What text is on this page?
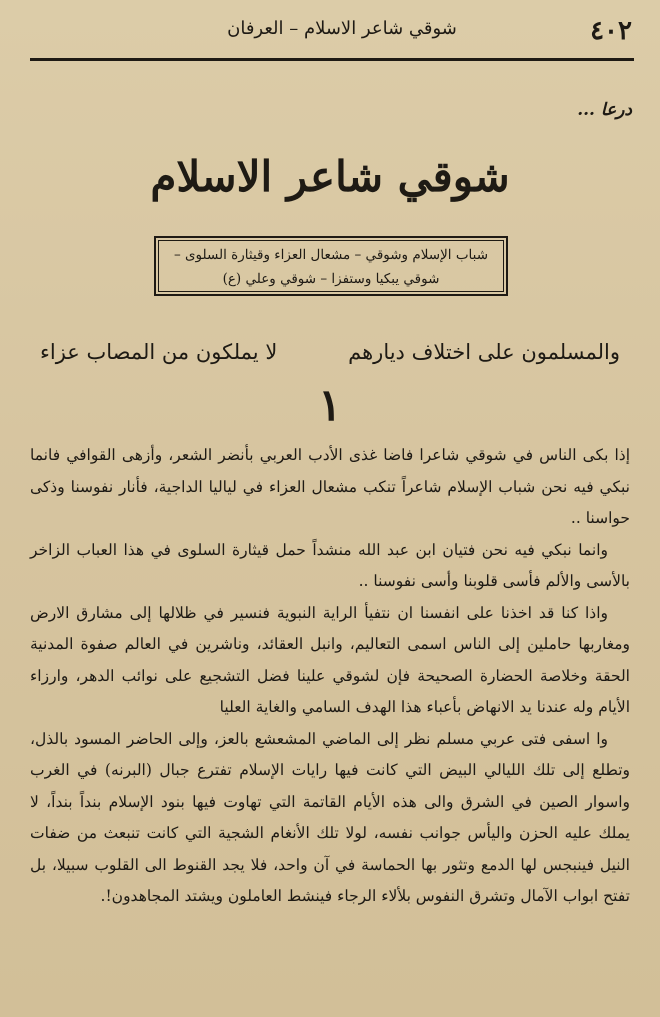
٤٠٢
شوقي شاعر الاسلام – العرفان
درعا ...
شوقي شاعر الاسلام
شباب الإسلام وشوقي – مشعال العزاء وقيثارة السلوى –
شوقي يبكيا وستفزا – شوقي وعلي (ع)
والمسلمون على اختلاف ديارهم
لا يملكون من المصاب عزاء
١

إذا بكى الناس في شوقي شاعرا فاضا غذى الأدب العربي بأنضر الشعر، وأزهى القوافي فانما نبكي فيه نحن شباب الإسلام شاعراً تنكب مشعال العزاء في لياليا الداجية، فأنار نفوسنا وذكى حواسنا ..

وانما نبكي فيه نحن فتيان ابن عبد الله منشداً حمل قيثارة السلوى في هذا العباب الزاخر بالأسى والألم فأسى قلوبنا وأسى نفوسنا ..

واذا كنا قد اخذنا على انفسنا ان نتفيأ الراية النبوية فنسير في ظلالها إلى مشارق الارض ومغاربها حاملين إلى الناس اسمى التعاليم، وانبل العقائد، وناشرين في العالم صفوة المدنية الحقة وخلاصة الحضارة الصحيحة فإن لشوقي علينا فضل التشجيع على نوائب الدهر، وارزاء الأيام وله عندنا يد الانهاض بأعباء هذا الهدف السامي والغاية العليا

وا اسفى فتى عربي مسلم نظر إلى الماضي المشعشع بالعز، وإلى الحاضر المسود بالذل، وتطلع إلى تلك الليالي البيض التي كانت فيها رايات الإسلام تفترع جبال (البرنه) في الغرب واسوار الصين في الشرق والى هذه الأيام القاتمة التي تهاوت فيها بنود الإسلام بنداً بنداً، لا يملك عليه الحزن واليأس جوانب نفسه، لولا تلك الأنغام الشجية التي كانت تنبعث من ضفات النيل فينبجس لها الدمع وتثور بها الحماسة في آن واحد، فلا يجد القنوط الى القلوب سبيلا، بل تفتح ابواب الآمال وتشرق النفوس بلألاء الرجاء فينشط العاملون ويشتد المجاهدون!.
